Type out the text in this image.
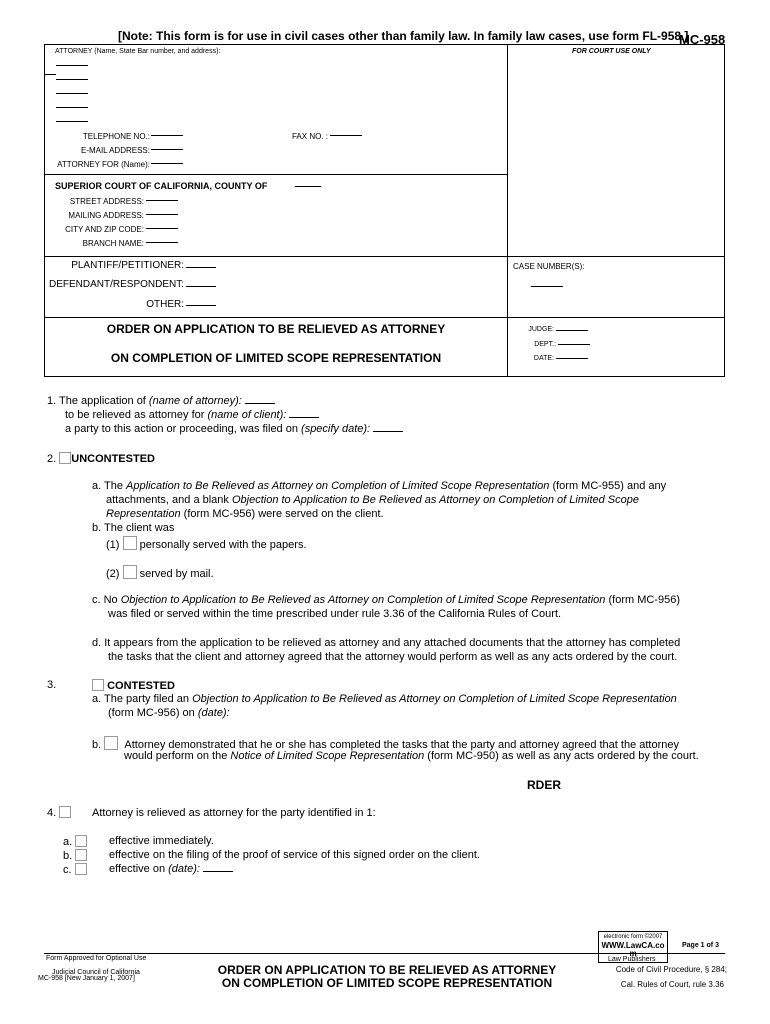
[Note: This form is for use in civil cases other than family law. In family law cases, use form FL-958.]
MC-958
ATTORNEY (Name, State Bar number, and address):	FOR COURT USE ONLY
TELEPHONE NO.:	FAX NO. :
E-MAIL ADDRESS:
ATTORNEY FOR (Name):
SUPERIOR COURT OF CALIFORNIA, COUNTY OF
STREET ADDRESS:
MAILING ADDRESS:
CITY AND ZIP CODE:
BRANCH NAME:
PLANTIFF/PETITIONER:
DEFENDANT/RESPONDENT:
OTHER:
CASE NUMBER(S):
ORDER ON APPLICATION TO BE RELIEVED AS ATTORNEY
ON COMPLETION OF LIMITED SCOPE REPRESENTATION
JUDGE:
DEPT.:
DATE:
1. The application of (name of attorney):
to be relieved as attorney for (name of client):
a party to this action or proceeding, was filed on (specify date):
2. UNCONTESTED
a. The Application to Be Relieved as Attorney on Completion of Limited Scope Representation (form MC-955) and any
attachments, and a blank Objection to Application to Be Relieved as Attorney on Completion of Limited Scope
Representation (form MC-956) were served on the client.
b. The client was
(1) personally served with the papers.
(2) served by mail.
c. No Objection to Application to Be Relieved as Attorney on Completion of Limited Scope Representation (form MC-956)
was filed or served within the time prescribed under rule 3.36 of the California Rules of Court.
d. It appears from the application to be relieved as attorney and any attached documents that the attorney has completed
the tasks that the client and attorney agreed that the attorney would perform as well as any acts ordered by the court.
3.	CONTESTED
a. The party filed an Objection to Application to Be Relieved as Attorney on Completion of Limited Scope Representation
(form MC-956) on (date):
b. Attorney demonstrated that he or she has completed the tasks that the party and attorney agreed that the attorney
would perform on the Notice of Limited Scope Representation (form MC-950) as well as any acts ordered by the court.
RDER
4.	Attorney is relieved as attorney for the party identified in 1:
a.	effective immediately.
b.	effective on the filing of the proof of service of this signed order on the client.
c.	effective on (date):
electronic form ©2007
WWW.LawCA.co
Law Publishers
Page 1 of 3
Form Approved for Optional Use
Judicial Council of California
MC-958 [New January 1, 2007]
ORDER ON APPLICATION TO BE RELIEVED AS ATTORNEY
ON COMPLETION OF LIMITED SCOPE REPRESENTATION
Code of Civil Procedure, § 284;
Cal. Rules of Court, rule 3.36
